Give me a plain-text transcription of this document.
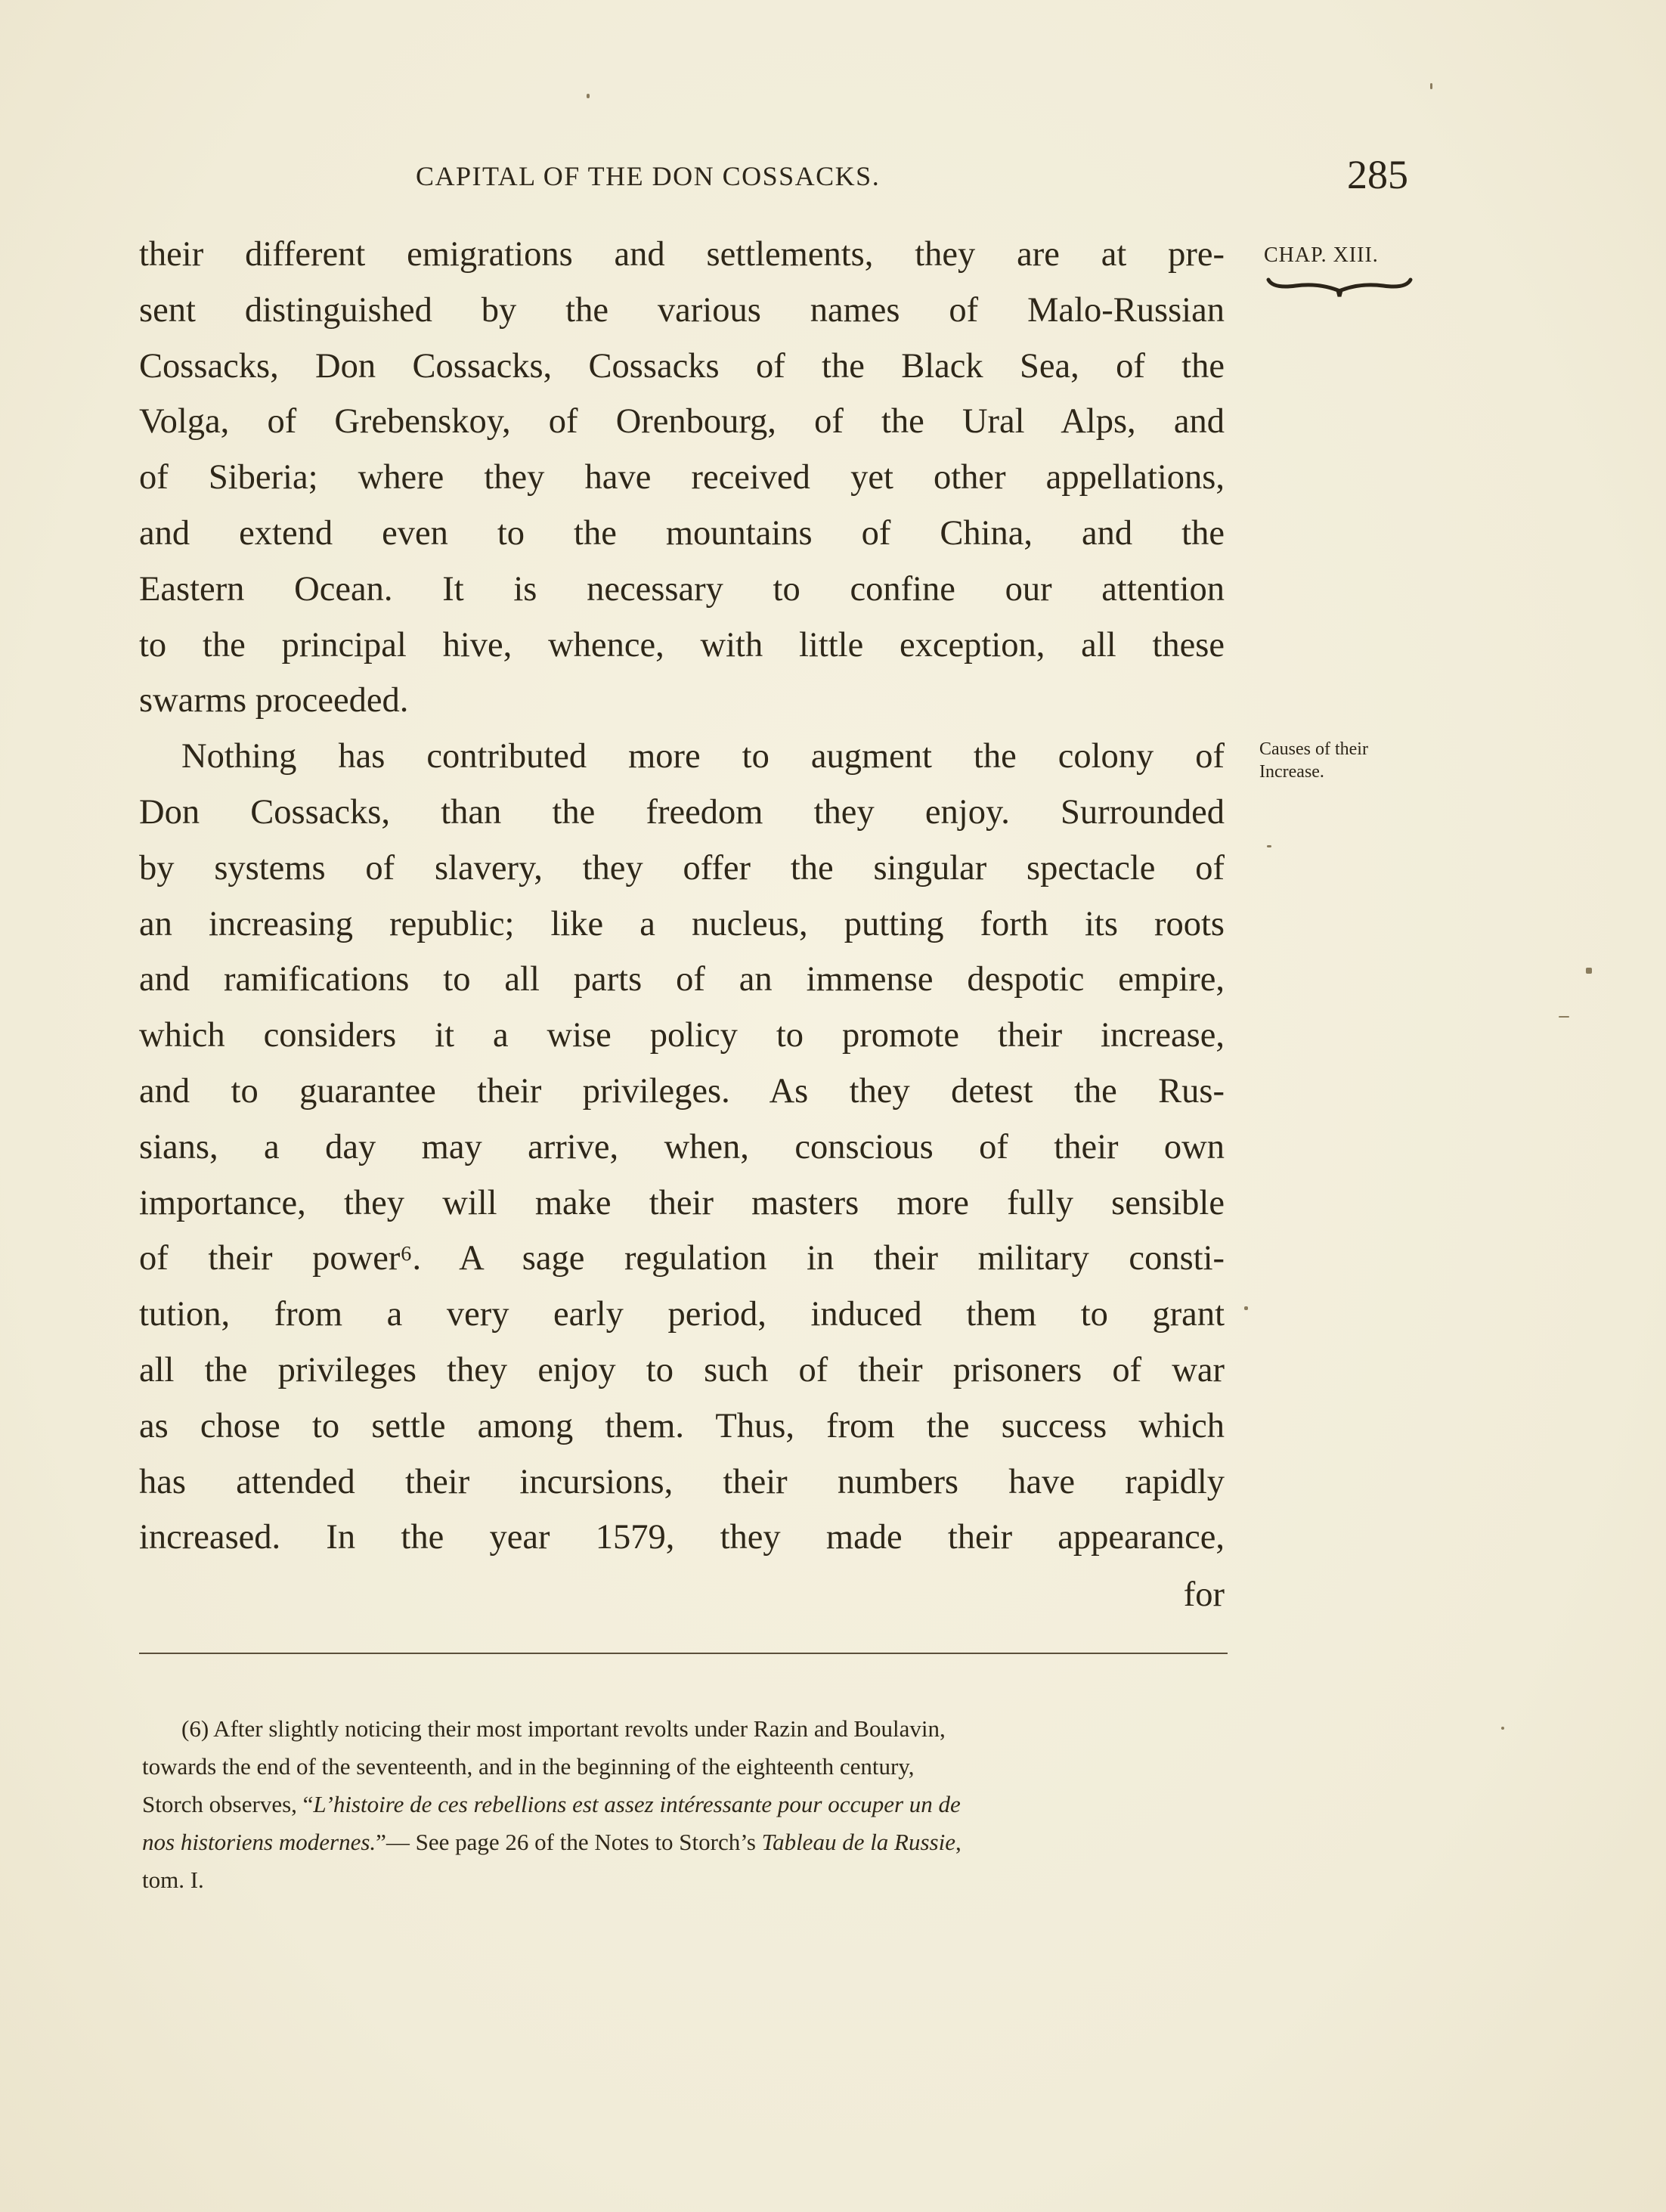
CAPITAL OF THE DON COSSACKS.	285
CHAP. XIII.
Causes of their
Increase.

their different emigrations and settlements, they are at pre-

sent distinguished by the various names of Malo-Russian

Cossacks, Don Cossacks, Cossacks of the Black Sea, of the

Volga, of Grebenskoy, of Orenbourg, of the Ural Alps, and

of Siberia; where they have received yet other appellations,

and extend even to the mountains of China, and the

Eastern Ocean. It is necessary to confine our attention

to the principal hive, whence, with little exception, all these

swarms proceeded.

Nothing has contributed more to augment the colony of

Don Cossacks, than the freedom they enjoy. Surrounded

by systems of slavery, they offer the singular spectacle of

an increasing republic; like a nucleus, putting forth its roots

and ramifications to all parts of an immense despotic empire,

which considers it a wise policy to promote their increase,

and to guarantee their privileges. As they detest the Rus-

sians, a day may arrive, when, conscious of their own

importance, they will make their masters more fully sensible

of their power⁶. A sage regulation in their military consti-

tution, from a very early period, induced them to grant

all the privileges they enjoy to such of their prisoners of war

as chose to settle among them. Thus, from the success which

has attended their incursions, their numbers have rapidly

increased. In the year 1579, they made their appearance,

for

(6) After slightly noticing their most important revolts under Razin and Boulavin,

towards the end of the seventeenth, and in the beginning of the eighteenth century,

Storch observes, “L’histoire de ces rebellions est assez intéressante pour occuper un de

nos historiens modernes.”— See page 26 of the Notes to Storch’s Tableau de la Russie,

tom. I.
